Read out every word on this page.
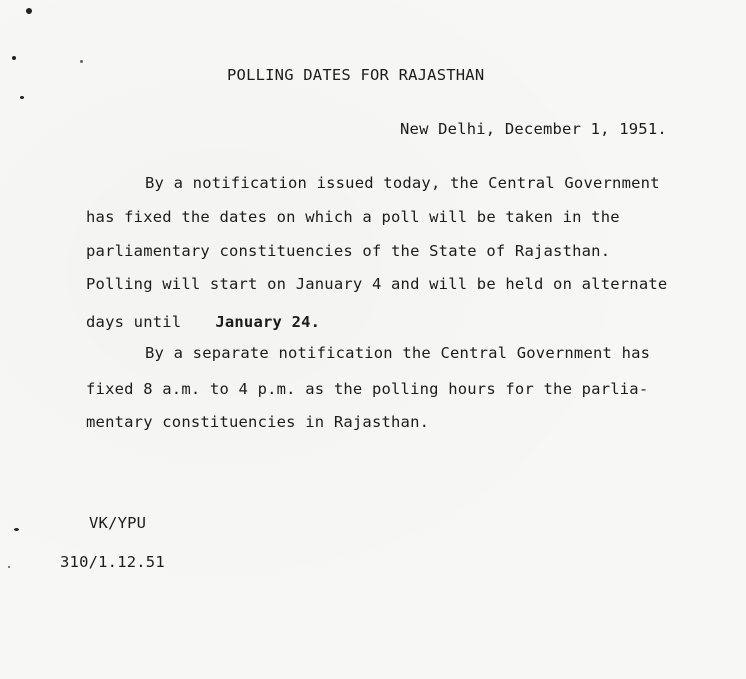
POLLING DATES FOR RAJASTHAN
New Delhi, December 1, 1951.
By a notification issued today, the Central Government
has fixed the dates on which a poll will be taken in the
parliamentary constituencies of the State of Rajasthan.
Polling will start on January 4 and will be held on alternate
days until January 24.
By a separate notification the Central Government has
fixed 8 a.m. to 4 p.m. as the polling hours for the parlia-
mentary constituencies in Rajasthan.
VK/YPU
310/1.12.51
